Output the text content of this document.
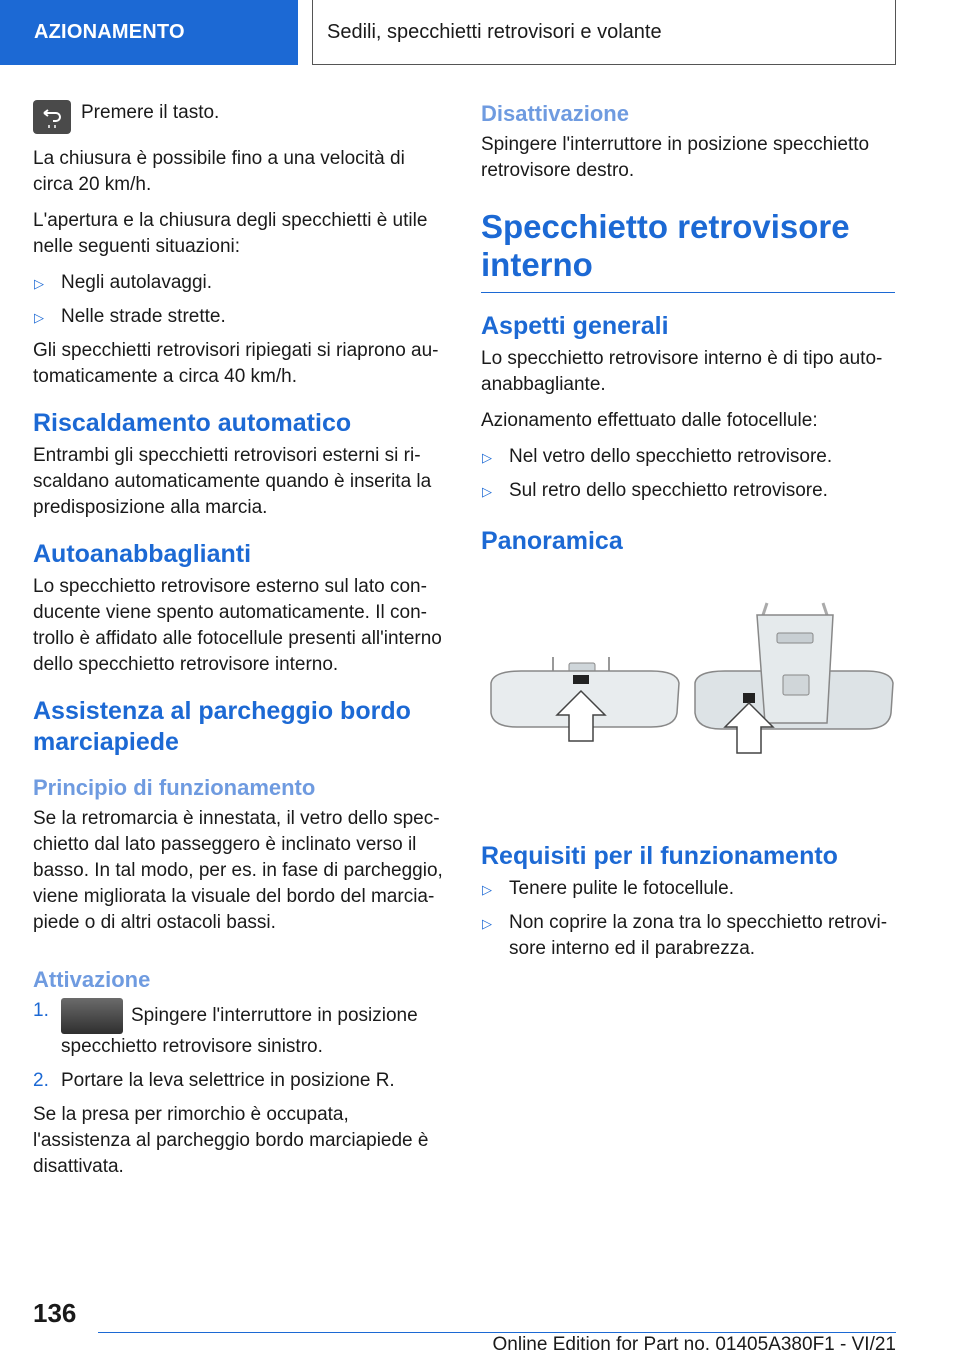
AZIONAMENTO	Sedili, specchietti retrovisori e volante
Premere il tasto.

La chiusura è possibile fino a una velocità di circa 20 km/h.

L'apertura e la chiusura degli specchietti è utile nelle seguenti situazioni:

▷ Negli autolavaggi.
▷ Nelle strade strette.

Gli specchietti retrovisori ripiegati si riaprono automaticamente a circa 40 km/h.

Riscaldamento automatico

Entrambi gli specchietti retrovisori esterni si riscaldano automaticamente quando è inserita la predisposizione alla marcia.

Autoanabbaglianti

Lo specchietto retrovisore esterno sul lato conducente viene spento automaticamente. Il controllo è affidato alle fotocellule presenti all'interno dello specchietto retrovisore interno.

Assistenza al parcheggio bordo marciapiede
Principio di funzionamento

Se la retromarcia è innestata, il vetro dello specchietto dal lato passeggero è inclinato verso il basso. In tal modo, per es. in fase di parcheggio, viene migliorata la visuale del bordo del marciapiede o di altri ostacoli bassi.

Attivazione
1.	Spingere l'interruttore in posizione specchietto retrovisore sinistro.
2. Portare la leva selettrice in posizione R.

Se la presa per rimorchio è occupata, l'assistenza al parcheggio bordo marciapiede è disattivata.

Disattivazione

Spingere l'interruttore in posizione specchietto retrovisore destro.

Specchietto retrovisore interno
Aspetti generali

Lo specchietto retrovisore interno è di tipo autoanabbagliante.

Azionamento effettuato dalle fotocellule:

▷ Nel vetro dello specchietto retrovisore.
▷ Sul retro dello specchietto retrovisore.
Panoramica
Requisiti per il funzionamento
▷ Tenere pulite le fotocellule.
▷ Non coprire la zona tra lo specchietto retrovisore interno ed il parabrezza.
136
Online Edition for Part no. 01405A380F1 - VI/21
